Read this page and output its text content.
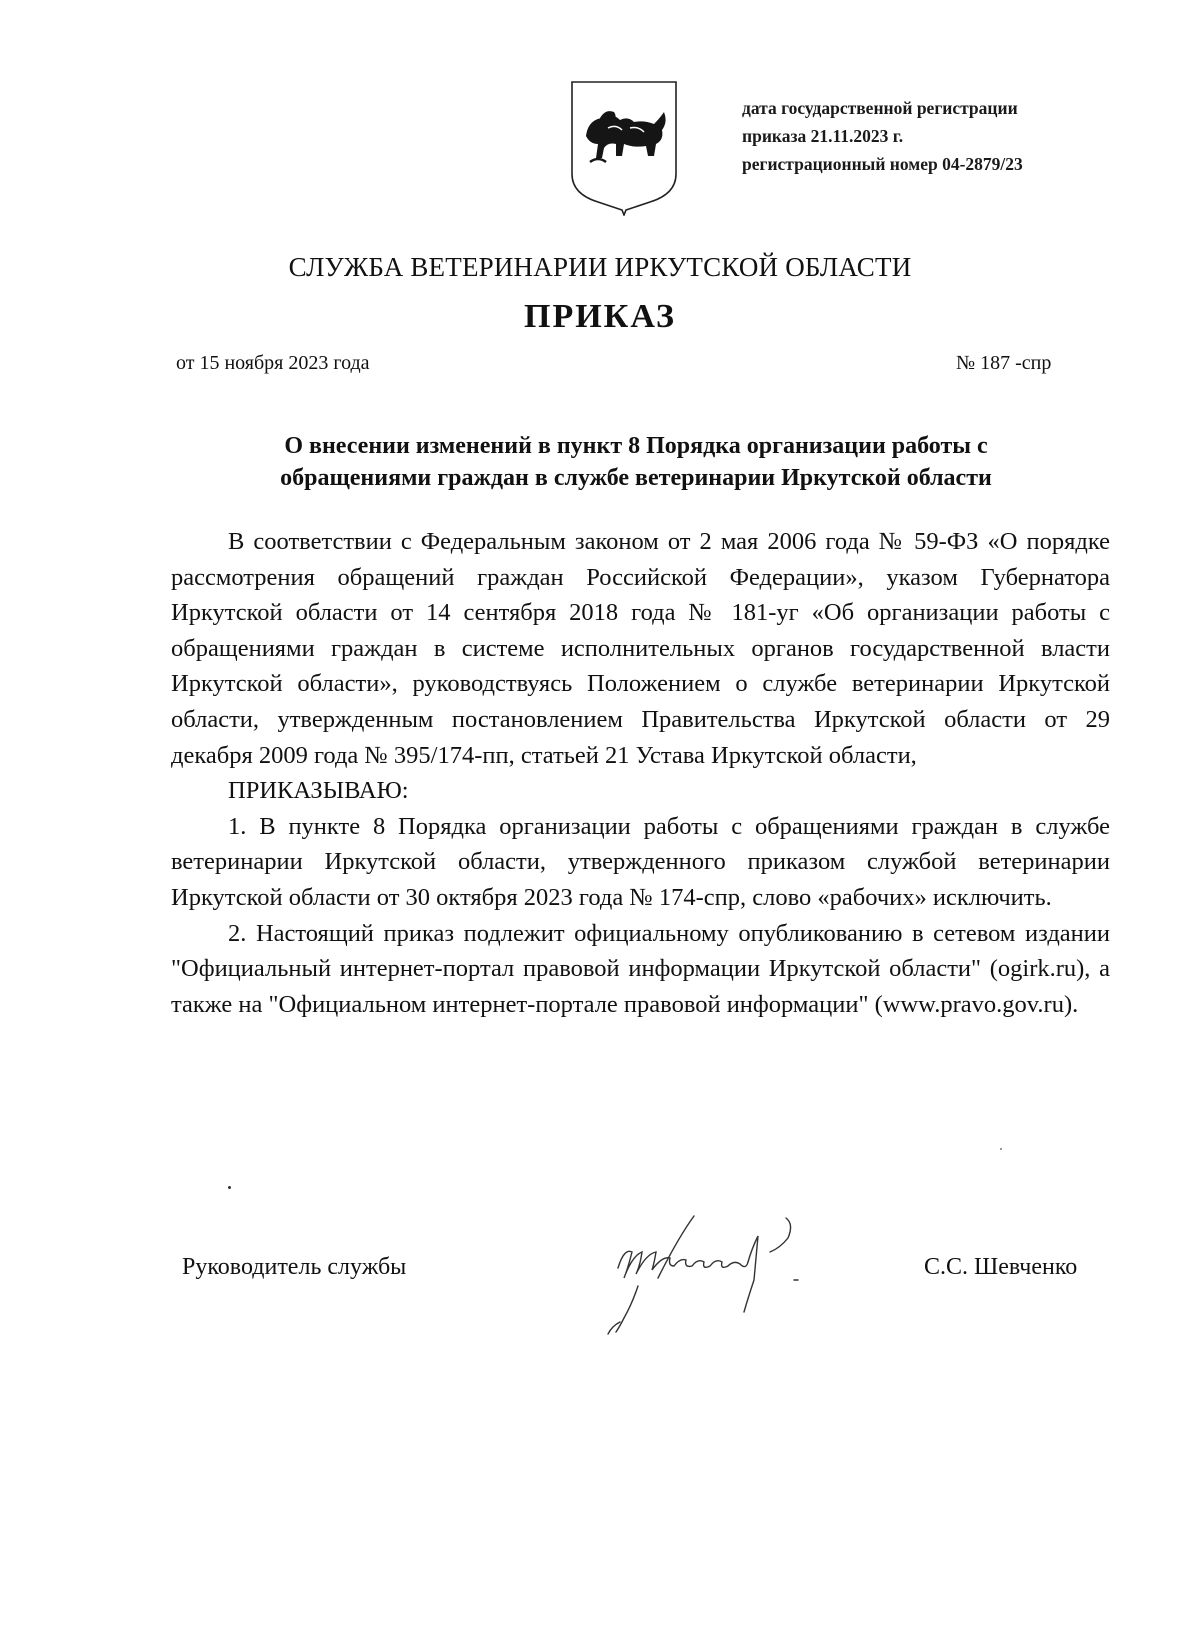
дата государственной регистрации
приказа 21.11.2023 г.
регистрационный номер 04-2879/23
СЛУЖБА ВЕТЕРИНАРИИ ИРКУТСКОЙ ОБЛАСТИ
ПРИКАЗ
от 15 ноября 2023 года	№ 187 -спр
О внесении изменений в пункт 8 Порядка организации работы с
обращениями граждан в службе ветеринарии Иркутской области

В соответствии с Федеральным законом от 2 мая 2006 года № 59-ФЗ «О порядке рассмотрения обращений граждан Российской Федерации», указом Губернатора Иркутской области от 14 сентября 2018 года № 181-уг «Об организации работы с обращениями граждан в системе исполнительных органов государственной власти Иркутской области», руководствуясь Положением о службе ветеринарии Иркутской области, утвержденным постановлением Правительства Иркутской области от 29 декабря 2009 года № 395/174-пп, статьей 21 Устава Иркутской области,

ПРИКАЗЫВАЮ:

1. В пункте 8 Порядка организации работы с обращениями граждан в службе ветеринарии Иркутской области, утвержденного приказом службой ветеринарии Иркутской области от 30 октября 2023 года № 174-спр, слово «рабочих» исключить.

2. Настоящий приказ подлежит официальному опубликованию в сетевом издании "Официальный интернет-портал правовой информации Иркутской области" (ogirk.ru), а также на "Официальном интернет-портале правовой информации" (www.pravo.gov.ru).

Руководитель службы	С.С. Шевченко
